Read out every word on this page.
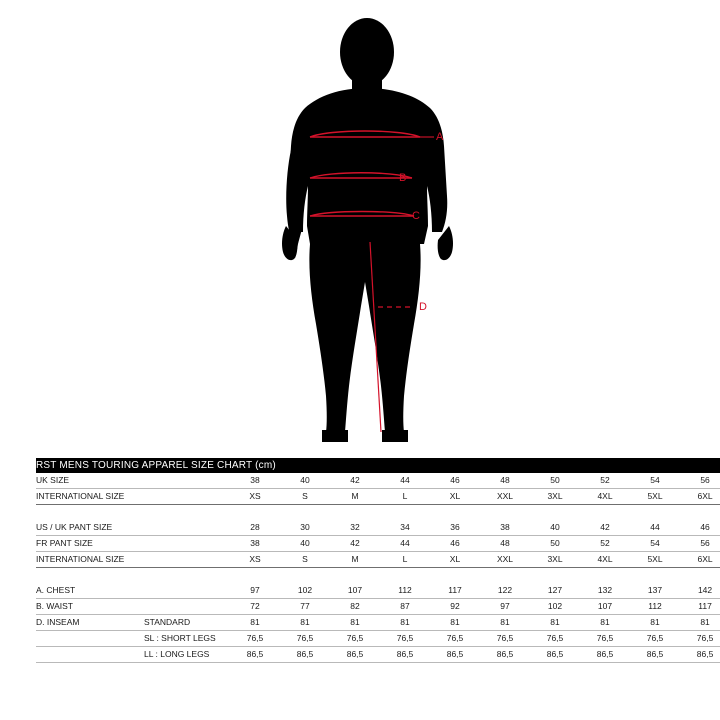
A
B
C
D
RST MENS TOURING APPAREL SIZE CHART (cm)											
UK SIZE		38	40	42	44	46	48	50	52	54	56
INTERNATIONAL SIZE		XS	S	M	L	XL	XXL	3XL	4XL	5XL	6XL

US / UK PANT SIZE		28	30	32	34	36	38	40	42	44	46
FR PANT SIZE		38	40	42	44	46	48	50	52	54	56
INTERNATIONAL SIZE		XS	S	M	L	XL	XXL	3XL	4XL	5XL	6XL

A. CHEST		97	102	107	112	117	122	127	132	137	142
B. WAIST		72	77	82	87	92	97	102	107	112	117
D. INSEAM	STANDARD	81	81	81	81	81	81	81	81	81	81
	SL : SHORT LEGS	76,5	76,5	76,5	76,5	76,5	76,5	76,5	76,5	76,5	76,5
	LL : LONG LEGS	86,5	86,5	86,5	86,5	86,5	86,5	86,5	86,5	86,5	86,5
